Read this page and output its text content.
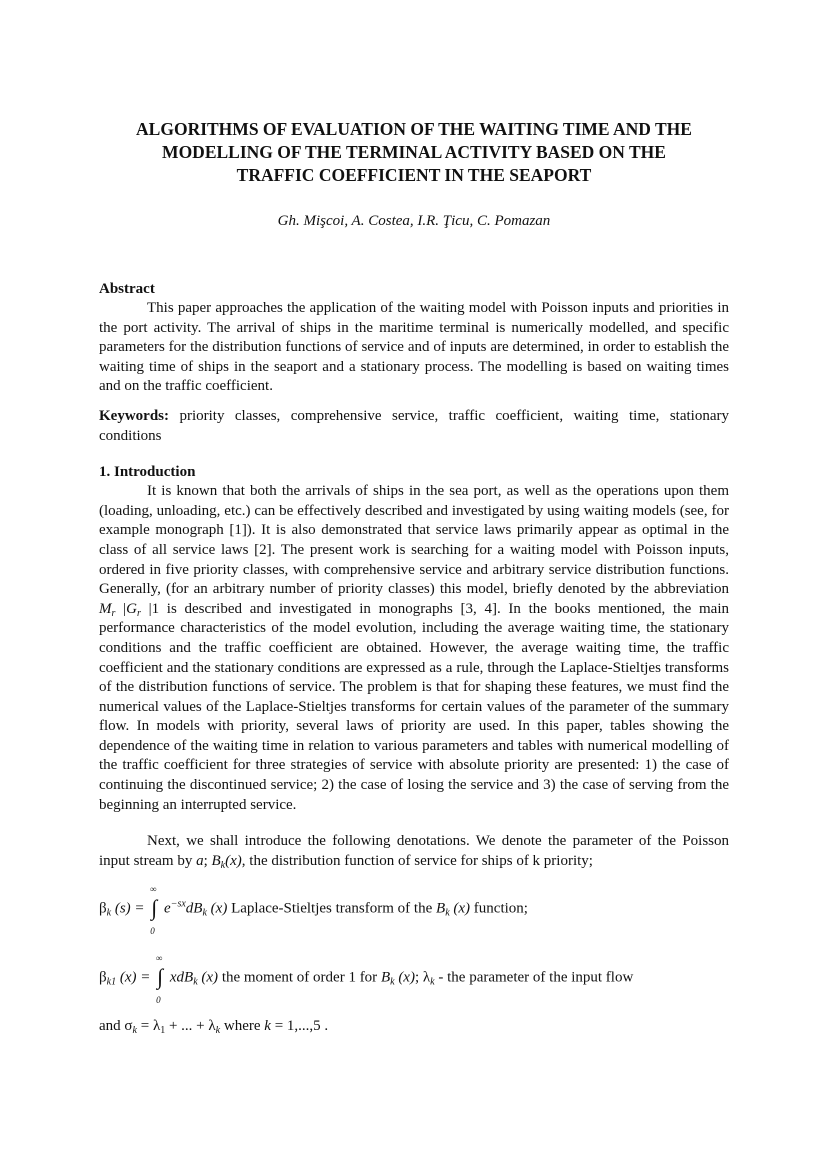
ALGORITHMS OF EVALUATION OF THE WAITING TIME AND THE
MODELLING OF THE TERMINAL ACTIVITY BASED ON THE
TRAFFIC COEFFICIENT IN THE SEAPORT
Gh. Mişcoi, A. Costea, I.R. Ţicu, C. Pomazan
Abstract

This paper approaches the application of the waiting model with Poisson inputs and priorities in the port activity. The arrival of ships in the maritime terminal is numerically modelled, and specific parameters for the distribution functions of service and of inputs are determined, in order to establish the waiting time of ships in the seaport and a stationary process. The modelling is based on waiting times and on the traffic coefficient.

Keywords: priority classes, comprehensive service, traffic coefficient, waiting time, stationary conditions

1. Introduction

It is known that both the arrivals of ships in the sea port, as well as the operations upon them (loading, unloading, etc.) can be effectively described and investigated by using waiting models (see, for example monograph [1]). It is also demonstrated that service laws primarily appear as optimal in the class of all service laws [2]. The present work is searching for a waiting model with Poisson inputs, ordered in five priority classes, with comprehensive service and arbitrary service distribution functions. Generally, (for an arbitrary number of priority classes) this model, briefly denoted by the abbreviation $M_r$ $|G_r$ |1 is described and investigated in monographs [3, 4]. In the books mentioned, the main performance characteristics of the model evolution, including the average waiting time, the stationary conditions and the traffic coefficient are obtained. However, the average waiting time, the traffic coefficient and the stationary conditions are expressed as a rule, through the Laplace-Stieltjes transforms of the distribution functions of service. The problem is that for shaping these features, we must find the numerical values of the Laplace-Stieltjes transforms for certain values of the parameter of the summary flow. In models with priority, several laws of priority are used. In this paper, tables showing the dependence of the waiting time in relation to various parameters and tables with numerical modelling of the traffic coefficient for three strategies of service with absolute priority are presented: 1) the case of continuing the discontinued service; 2) the case of losing the service and 3) the case of serving from the beginning an interrupted service.

Next, we shall introduce the following denotations. We denote the parameter of the Poisson input stream by a; $B_k(x)$, the distribution function of service for ships of k priority;

$\beta_k$ (s) =
∞
∫
0
$e^{-sx}dB_k$ (x) Laplace-Stieltjes transform of the $B_k$ (x) function;

$\beta_{k1}$ (x) =
∞
∫
0
xdB$_k$ (x) the moment of order 1 for $B_k$ (x); $\lambda_k$ - the parameter of the input flow

and $\sigma_k = \lambda_1$ + ... + $\lambda_k$ where k = 1,...,5 .
